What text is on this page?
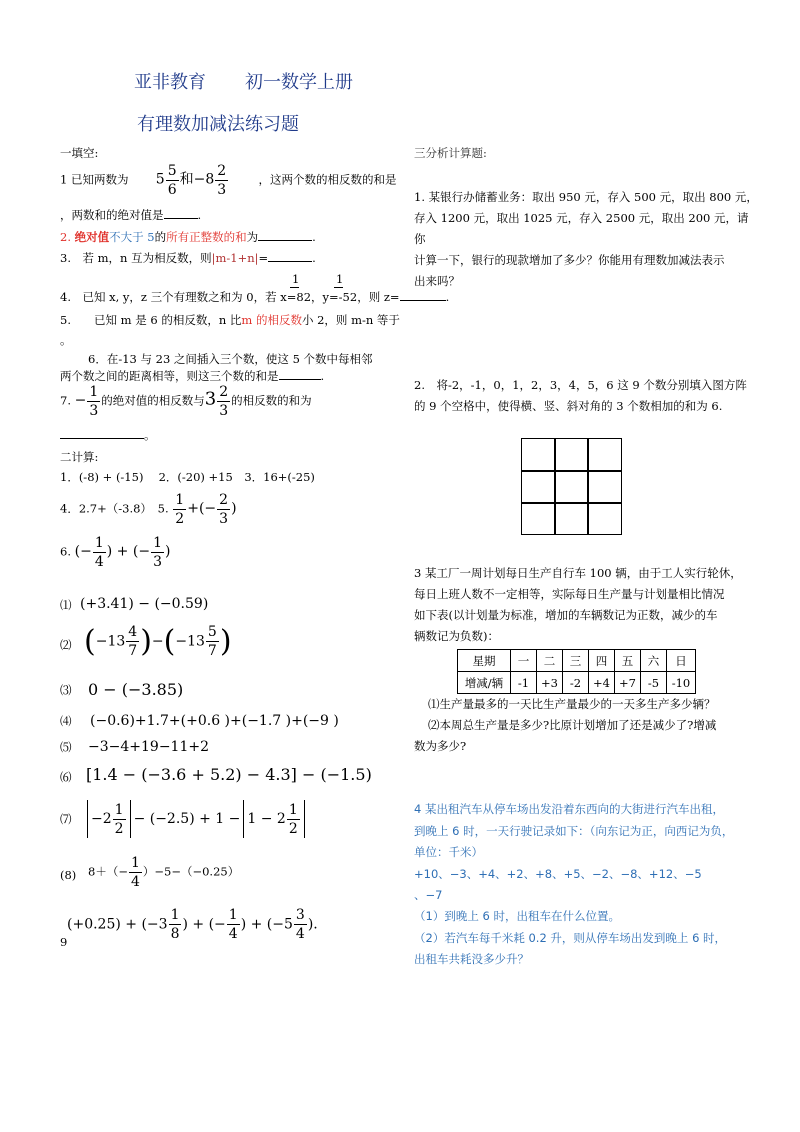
亚非教育 初一数学上册
有理数加减法练习题
一填空:
1 已知两数为 $5 \frac{5}{6}$ 和$-8 \frac{2}{3}$	，这两个数的相反数的和是
，两数和的绝对值是	.
2. 绝对值不大于 5的所有正整数的和为	.
3.　若 m，n 互为相反数，则|m-1+n|=	.
4.　已知 x, y，z 三个有理数之和为 0，若 x=82，y=-52，则 z=	.
1	1
5.　　已知 m 是 6 的相反数，n 比m 的相反数小 2，则 m-n 等于
。
6．在-13 与 23 之间插入三个数，使这 5 个数中每相邻
两个数之间的距离相等，则这三个数的和是	.
7. − $\frac{1}{3}$ 的绝对值的相反数与$3 \frac{2}{3}$ 的相反数的和为
。
二计算:
1．(-8) + (-15)　 2．(-20) +15　3．16+(-25)
4．2.7+（-3.8）　5. $\frac{1}{2}$ +(− $\frac{2}{3}$ )
6. (− $\frac{1}{4}$ ) + (− $\frac{1}{3}$ )
⑴ (+3.41) − (−0.59)
⑵ $(-13 \frac{4}{7} )-(-13 \frac{5}{7}$ )
⑶ 0 − (−3.85)
⑷ (−0.6)+1.7+(+0.6 )+(−1.7 )+(−9 )
⑸ −3−4+19−11+2
⑹ [1.4 − (−3.6 + 5.2) − 4.3] − (−1.5)
⑺	$-2 \frac{1}{2} - (-2.5) + 1 - 1 - 2 \frac{1}{2}$
(8) $8+(- \frac{1}{4} )-5-(-0.25)$
9
$(+0.25) + (-3 \frac{1}{8}$ ) + (− $\frac{1}{4}$ ) + ($-5 \frac{3}{4}$ ).
三分析计算题:
1. 某银行办储蓄业务：取出 950 元，存入 500 元，取出 800 元，
存入 1200 元，取出 1025 元，存入 2500 元，取出 200 元，请
你
计算一下，银行的现款增加了多少？你能用有理数加减法表示
出来吗？
2.　将-2，-1，0，1，2，3，4，5，6 这 9 个数分别填入图方阵
的 9 个空格中，使得横、竖、斜对角的 3 个数相加的和为 6.
3 某工厂一周计划每日生产自行车 100 辆，由于工人实行轮休，
每日上班人数不一定相等，实际每日生产量与计划量相比情况
如下表(以计划量为标准，增加的车辆数记为正数，减少的车
辆数记为负数)：
星期	一	二	三	四	五	六	日
增减/辆	-1	+3	-2	+4	+7	-5	-10
⑴生产量最多的一天比生产量最少的一天多生产多少辆？
⑵本周总生产量是多少?比原计划增加了还是减少了?增减
数为多少?
4 某出租汽车从停车场出发沿着东西向的大街进行汽车出租，
到晚上 6 时，一天行驶记录如下：（向东记为正，向西记为负，
单位：千米）
+10、−3、+4、+2、+8、+5、−2、−8、+12、−5
、−7
（1）到晚上 6 时，出租车在什么位置。
（2）若汽车每千米耗 0.2 升，则从停车场出发到晚上 6 时，
出租车共耗没多少升？
